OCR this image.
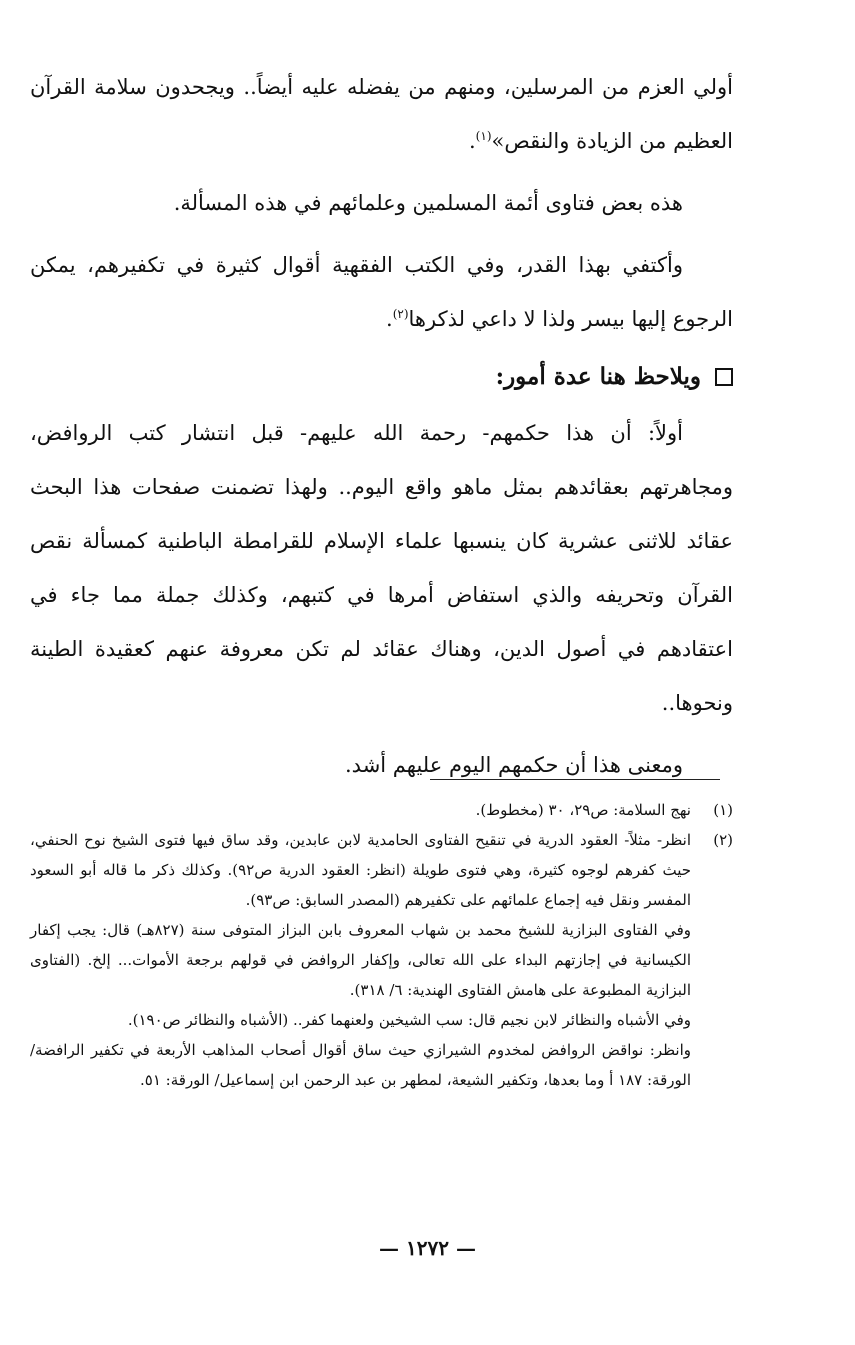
أولي العزم من المرسلين، ومنهم من يفضله عليه أيضاً.. ويجحدون سلامة القرآن العظيم من الزيادة والنقص»$^{(١)}$.

هذه بعض فتاوى أئمة المسلمين وعلمائهم في هذه المسألة.

وأكتفي بهذا القدر، وفي الكتب الفقهية أقوال كثيرة في تكفيرهم، يمكن الرجوع إليها بيسر ولذا لا داعي لذكرها$^{(٢)}$.

ويلاحظ هنا عدة أمور:

أولاً: أن هذا حكمهم- رحمة الله عليهم- قبل انتشار كتب الروافض، ومجاهرتهم بعقائدهم بمثل ماهو واقع اليوم.. ولهذا تضمنت صفحات هذا البحث عقائد للاثنى عشرية كان ينسبها علماء الإسلام للقرامطة الباطنية كمسألة نقص القرآن وتحريفه والذي استفاض أمرها في كتبهم، وكذلك جملة مما جاء في اعتقادهم في أصول الدين، وهناك عقائد لم تكن معروفة عنهم كعقيدة الطينة ونحوها..

ومعنى هذا أن حكمهم اليوم عليهم أشد.

(١)

نهج السلامة: ص٢٩، ٣٠ (مخطوط).

(٢)

انظر- مثلاً- العقود الدرية في تنقيح الفتاوى الحامدية لابن عابدين، وقد ساق فيها فتوى الشيخ نوح الحنفي، حيث كفرهم لوجوه كثيرة، وهي فتوى طويلة (انظر: العقود الدرية ص٩٢). وكذلك ذكر ما قاله أبو السعود المفسر ونقل فيه إجماع علمائهم على تكفيرهم (المصدر السابق: ص٩٣).

وفي الفتاوى البزازية للشيخ محمد بن شهاب المعروف بابن البزاز المتوفى سنة (٨٢٧هـ) قال: يجب إكفار الكيسانية في إجازتهم البداء على الله تعالى، وإكفار الروافض في قولهم برجعة الأموات... إلخ. (الفتاوى البزازية المطبوعة على هامش الفتاوى الهندية: ٦/ ٣١٨).

وفي الأشباه والنظائر لابن نجيم قال: سب الشيخين ولعنهما كفر.. (الأشباه والنظائر ص١٩٠).

وانظر: نواقض الروافض لمخدوم الشيرازي حيث ساق أقوال أصحاب المذاهب الأربعة في تكفير الرافضة/ الورقة: ١٨٧ أ وما بعدها، وتكفير الشيعة، لمطهر بن عبد الرحمن ابن إسماعيل/ الورقة: ٥١.

— ١٢٧٢ —
